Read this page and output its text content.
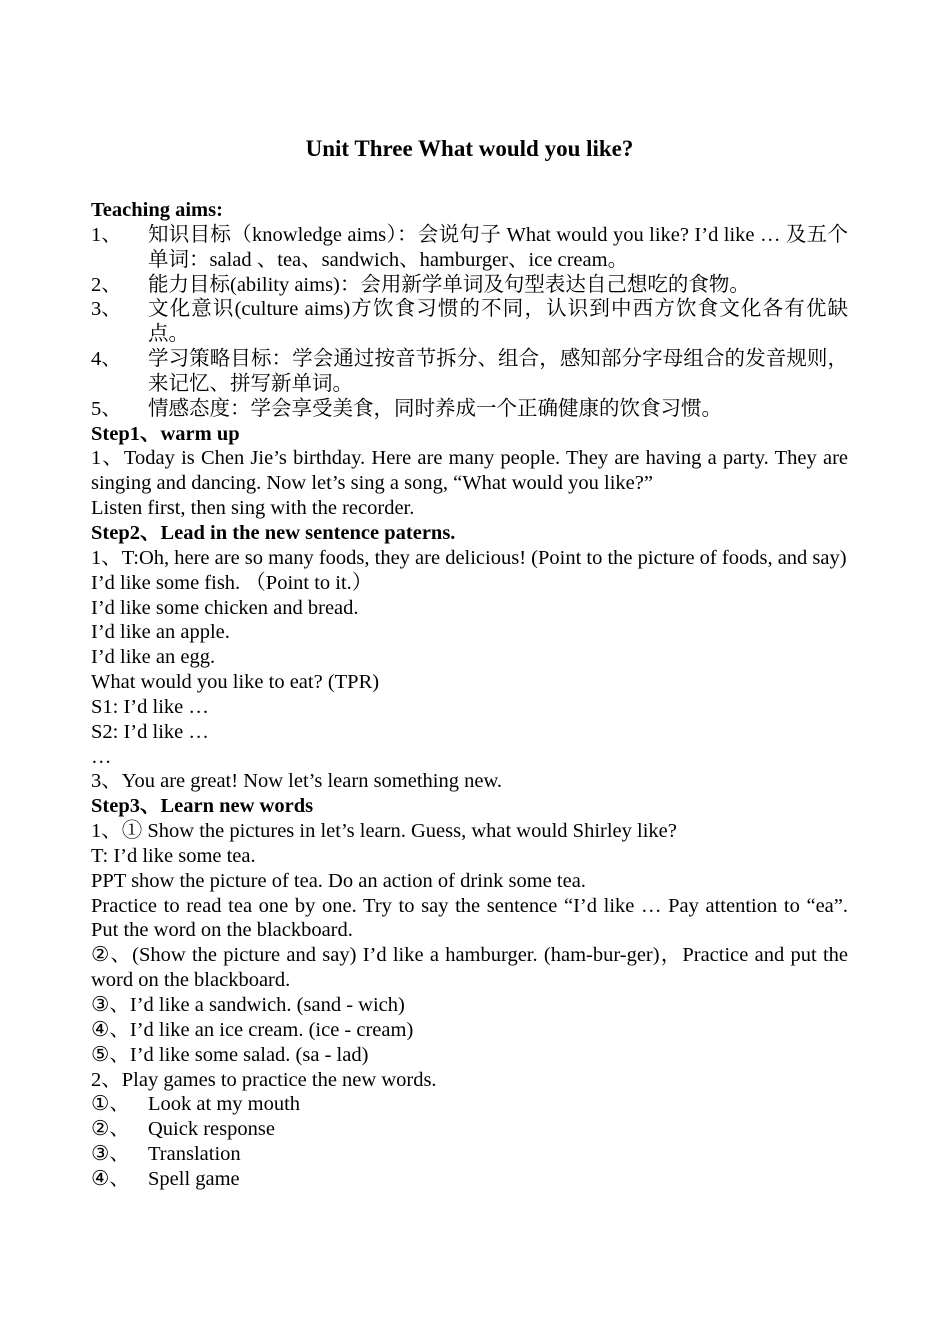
Unit Three What would you like?
Teaching aims:
1、	知识目标（knowledge aims）：会说句子 What would you like? I’d like … 及五个单词：salad 、tea、sandwich、hamburger、ice cream。
2、	能力目标(ability aims)：会用新学单词及句型表达自己想吃的食物。
3、	文化意识(culture aims)方饮食习惯的不同，认识到中西方饮食文化各有优缺点。
4、	学习策略目标：学会通过按音节拆分、组合，感知部分字母组合的发音规则，来记忆、拼写新单词。
5、	情感态度：学会享受美食，同时养成一个正确健康的饮食习惯。
Step1、warm up
1、Today is Chen Jie’s birthday. Here are many people. They are having a party. They are singing and dancing. Now let’s sing a song, “What would you like?”
Listen first, then sing with the recorder.
Step2、Lead in the new sentence paterns.
1、T:Oh, here are so many foods, they are delicious! (Point to the picture of foods, and say)
I’d like some fish. （Point to it.）
I’d like some chicken and bread.
I’d like an apple.
I’d like an egg.
What would you like to eat? (TPR)
S1: I’d like …
S2: I’d like …
…
3、You are great! Now let’s learn something new.
Step3、Learn new words
1、① Show the pictures in let’s learn. Guess, what would Shirley like?
T: I’d like some tea.
PPT show the picture of tea. Do an action of drink some tea.
Practice to read tea one by one. Try to say the sentence “I’d like … Pay attention to “ea”. Put the word on the blackboard.
②、(Show the picture and say) I’d like a hamburger. (ham-bur-ger)，Practice and put the word on the blackboard.
③、I’d like a sandwich. (sand - wich)
④、I’d like an ice cream. (ice - cream)
⑤、I’d like some salad. (sa - lad)
2、Play games to practice the new words.
①、 Look at my mouth
②、 Quick response
③、 Translation
④、 Spell game
